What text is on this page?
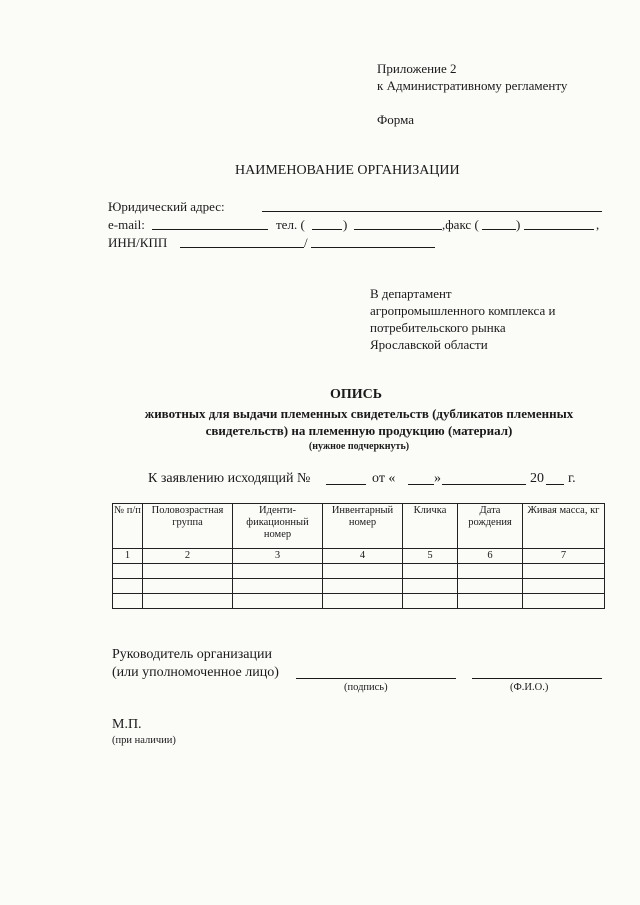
Приложение 2
к Административному регламенту
Форма
НАИМЕНОВАНИЕ ОРГАНИЗАЦИИ
Юридический адрес:
e-mail:	тел. (	)	,факс (	)	,
ИНН/КПП	/
В департамент
агропромышленного комплекса и
потребительского рынка
Ярославской области
ОПИСЬ
животных для выдачи племенных свидетельств (дубликатов племенных
свидетельств) на племенную продукцию (материал)
(нужное подчеркнуть)
К заявлению исходящий №	от «	»	20 г.
№ п/п	Половозрастная группа	Иденти-фикационный номер	Инвентарный номер	Кличка	Дата рождения	Живая масса, кг
1	2	3	4	5	6	7

Руководитель организации
(или уполномоченное лицо)
(подпись)	(Ф.И.О.)
М.П.
(при наличии)
